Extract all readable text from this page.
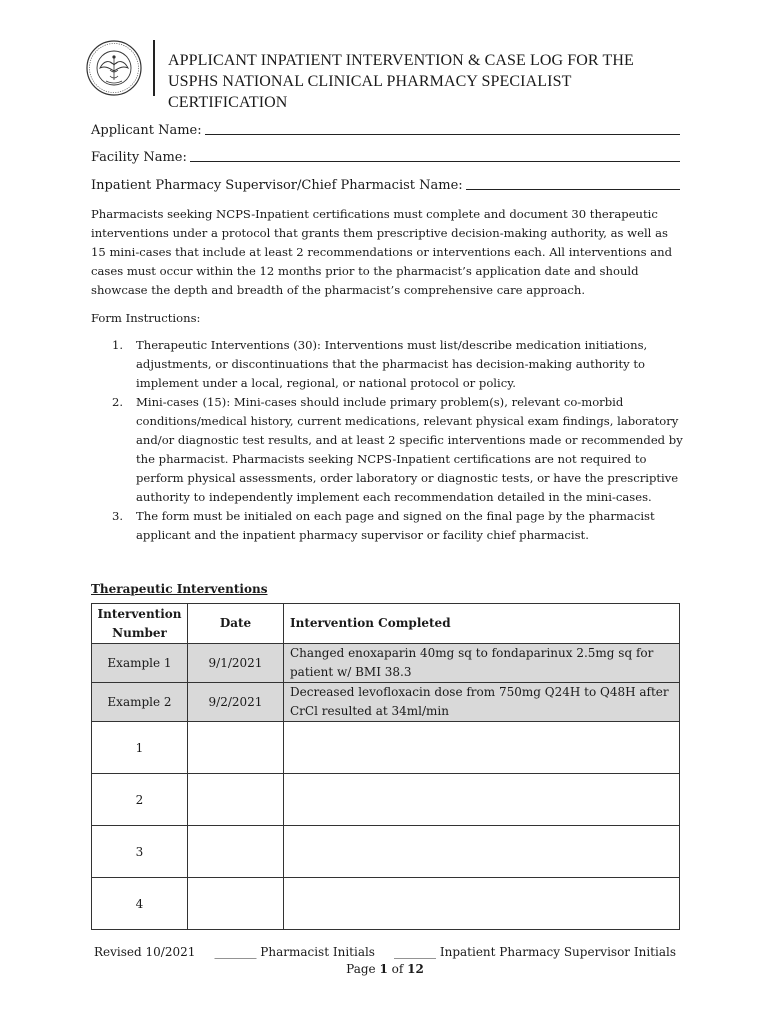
APPLICANT INPATIENT INTERVENTION & CASE LOG FOR THE
USPHS NATIONAL CLINICAL PHARMACY SPECIALIST CERTIFICATION
Applicant Name:
Facility Name:
Inpatient Pharmacy Supervisor/Chief Pharmacist Name:

Pharmacists seeking NCPS-Inpatient certifications must complete and document 30 therapeutic interventions under a protocol that grants them prescriptive decision-making authority, as well as 15 mini-cases that include at least 2 recommendations or interventions each. All interventions and cases must occur within the 12 months prior to the pharmacist’s application date and should showcase the depth and breadth of the pharmacist’s comprehensive care approach.

Form Instructions:
1. Therapeutic Interventions (30): Interventions must list/describe medication initiations, adjustments, or discontinuations that the pharmacist has decision-making authority to implement under a local, regional, or national protocol or policy.
2. Mini-cases (15): Mini-cases should include primary problem(s), relevant co-morbid conditions/medical history, current medications, relevant physical exam findings, laboratory and/or diagnostic test results, and at least 2 specific interventions made or recommended by the pharmacist. Pharmacists seeking NCPS-Inpatient certifications are not required to perform physical assessments, order laboratory or diagnostic tests, or have the prescriptive authority to independently implement each recommendation detailed in the mini-cases.
3. The form must be initialed on each page and signed on the final page by the pharmacist applicant and the inpatient pharmacy supervisor or facility chief pharmacist.
Therapeutic Interventions
Intervention
Number	Date	Intervention Completed
Example 1	9/1/2021	Changed enoxaparin 40mg sq to fondaparinux 2.5mg sq for
patient w/ BMI 38.3

Example 2	9/2/2021	Decreased levofloxacin dose from 750mg Q24H to Q48H after
CrCl resulted at 34ml/min

1		
2		
3		
4		
Revised 10/2021 _______ Pharmacist Initials _______ Inpatient Pharmacy Supervisor Initials
Page 1 of 12
